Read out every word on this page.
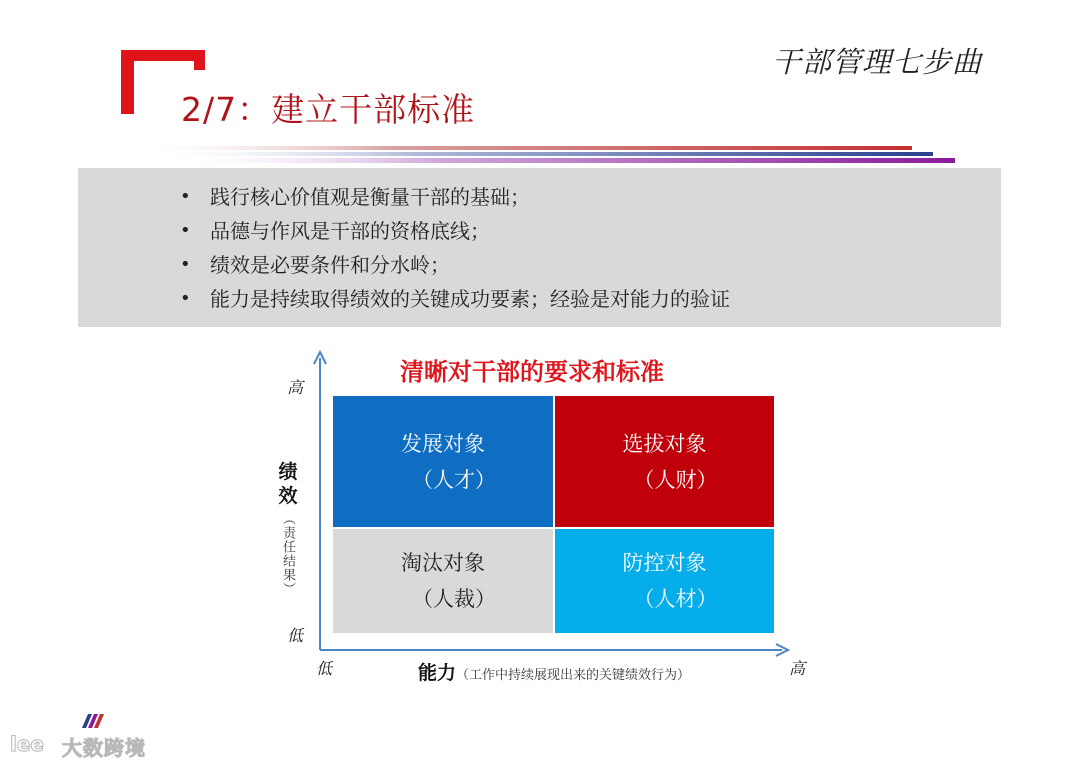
干部管理七步曲
2/7：建立干部标准
• 践行核心价值观是衡量干部的基础；
• 品德与作风是干部的资格底线；
• 绩效是必要条件和分水岭；
• 能力是持续取得绩效的关键成功要素；经验是对能力的验证
清晰对干部的要求和标准
发展对象
（人才）
选拔对象
（人财）
淘汰对象
（人裁）
防控对象
（人材）
高
低
低	高
绩效
（责任结果）
能力（工作中持续展现出来的关键绩效行为）
lee 大数跨境
